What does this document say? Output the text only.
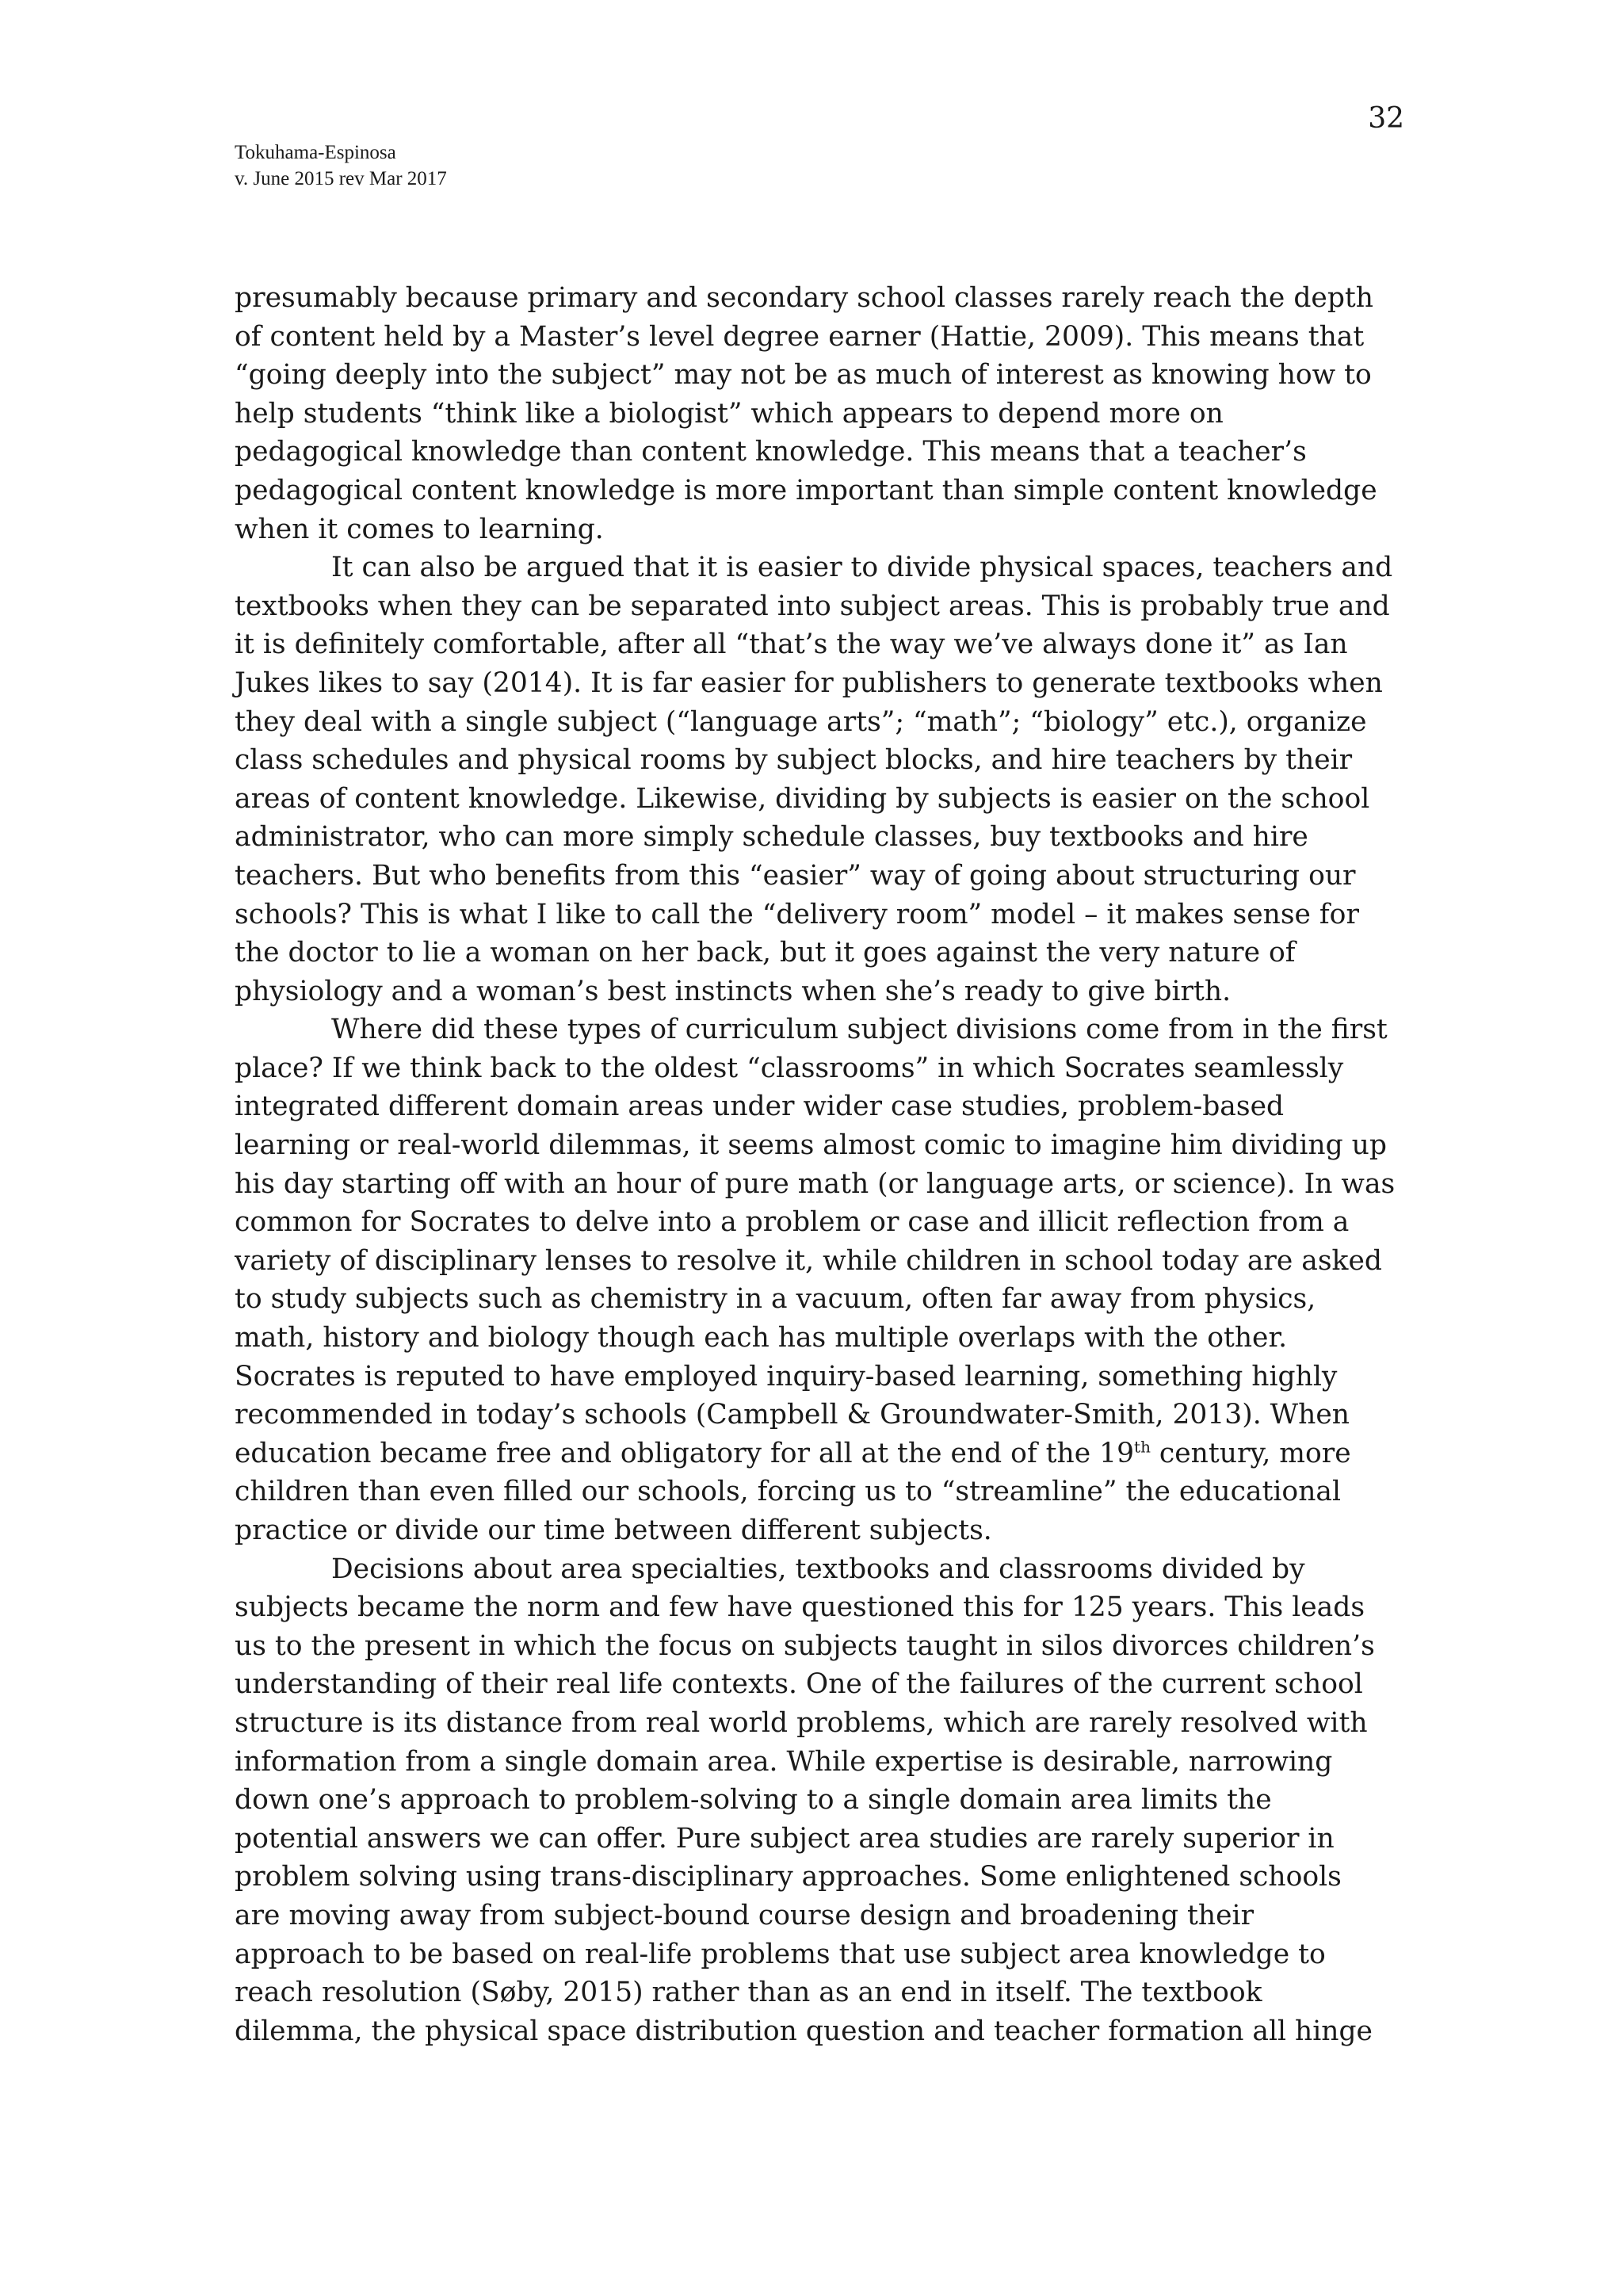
32
Tokuhama-Espinosa
v. June 2015 rev Mar 2017
presumably because primary and secondary school classes rarely reach the depth
of content held by a Master’s level degree earner (Hattie, 2009). This means that
“going deeply into the subject” may not be as much of interest as knowing how to
help students “think like a biologist” which appears to depend more on
pedagogical knowledge than content knowledge. This means that a teacher’s
pedagogical content knowledge is more important than simple content knowledge
when it comes to learning.
It can also be argued that it is easier to divide physical spaces, teachers and
textbooks when they can be separated into subject areas. This is probably true and
it is definitely comfortable, after all “that’s the way we’ve always done it” as Ian
Jukes likes to say (2014). It is far easier for publishers to generate textbooks when
they deal with a single subject (“language arts”; “math”; “biology” etc.), organize
class schedules and physical rooms by subject blocks, and hire teachers by their
areas of content knowledge. Likewise, dividing by subjects is easier on the school
administrator, who can more simply schedule classes, buy textbooks and hire
teachers. But who benefits from this “easier” way of going about structuring our
schools? This is what I like to call the “delivery room” model – it makes sense for
the doctor to lie a woman on her back, but it goes against the very nature of
physiology and a woman’s best instincts when she’s ready to give birth.
Where did these types of curriculum subject divisions come from in the first
place? If we think back to the oldest “classrooms” in which Socrates seamlessly
integrated different domain areas under wider case studies, problem-based
learning or real-world dilemmas, it seems almost comic to imagine him dividing up
his day starting off with an hour of pure math (or language arts, or science). In was
common for Socrates to delve into a problem or case and illicit reflection from a
variety of disciplinary lenses to resolve it, while children in school today are asked
to study subjects such as chemistry in a vacuum, often far away from physics,
math, history and biology though each has multiple overlaps with the other.
Socrates is reputed to have employed inquiry-based learning, something highly
recommended in today’s schools (Campbell & Groundwater-Smith, 2013). When
education became free and obligatory for all at the end of the 19th century, more
children than even filled our schools, forcing us to “streamline” the educational
practice or divide our time between different subjects.
Decisions about area specialties, textbooks and classrooms divided by
subjects became the norm and few have questioned this for 125 years. This leads
us to the present in which the focus on subjects taught in silos divorces children’s
understanding of their real life contexts. One of the failures of the current school
structure is its distance from real world problems, which are rarely resolved with
information from a single domain area. While expertise is desirable, narrowing
down one’s approach to problem-solving to a single domain area limits the
potential answers we can offer. Pure subject area studies are rarely superior in
problem solving using trans-disciplinary approaches. Some enlightened schools
are moving away from subject-bound course design and broadening their
approach to be based on real-life problems that use subject area knowledge to
reach resolution (Søby, 2015) rather than as an end in itself. The textbook
dilemma, the physical space distribution question and teacher formation all hinge
